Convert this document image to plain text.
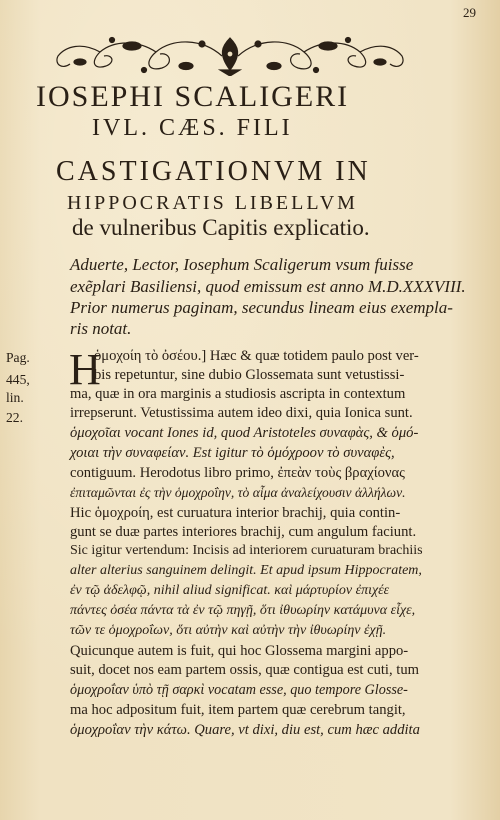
29
IOSEPHI SCALIGERI
IVL. CÆS. FILI
CASTIGATIONVM IN
HIPPOCRATIS LIBELLVM
de vulneribus Capitis explicatio.
Aduerte, Lector, Iosephum Scaligerum vsum fuisse
exẽplari Basiliensi, quod emissum est anno M.D.XXXVIII.
Prior numerus paginam, secundus lineam eius exempla-
ris notat.
Pag.
445,
lin.
22.
H
ὁμοχοίη τὸ ὀσέου.] Hæc & quæ totidem paulo post ver-
bis repetuntur, sine dubio Glossemata sunt vetustissi-
ma, quæ in ora marginis a studiosis ascripta in contextum
irrepserunt. Vetustissima autem ideo dixi, quia Ionica sunt.
ὁμοχοῖαι vocant Iones id, quod Aristoteles συναφὰς, & ὁμό-
χοιαι τὴν συναφείαν. Est igitur τὸ ὁμόχροον τὸ συναφὲς,
contiguum. Herodotus libro primo, ἐπεὰν τοὺς βραχίονας
ἐπιταμῶνται ἐς τὴν ὁμοχροΐην, τὸ αἷμα ἀναλείχουσιν ἀλλήλων.
Hic ὁμοχροίη, est curuatura interior brachij, quia contin-
gunt se duæ partes interiores brachij, cum angulum faciunt.
Sic igitur vertendum: Incisis ad interiorem curuaturam brachiis
alter alterius sanguinem delingit. Et apud ipsum Hippocratem,
ἐν τῷ ἀδελφῷ, nihil aliud significat. καὶ μάρτυρίον ἐπιχέε
πάντες ὀσέα πάντα τὰ ἐν τῷ πηγῇ, ὅτι ἰθυωρίην κατάμυνα εἶχε,
τῶν τε ὁμοχροΐων, ὅτι αὐτὴν καὶ αὐτὴν τὴν ἰθυωρίην ἐχῇ.
Quicunque autem is fuit, qui hoc Glossema margini appo-
suit, docet nos eam partem ossis, quæ contigua est cuti, tum
ὁμοχροΐαν ὑπὸ τῇ σαρκὶ vocatam esse, quo tempore Glosse-
ma hoc adpositum fuit, item partem quæ cerebrum tangit,
ὁμοχροΐαν τὴν κάτω. Quare, vt dixi, diu est, cum hæc addita
